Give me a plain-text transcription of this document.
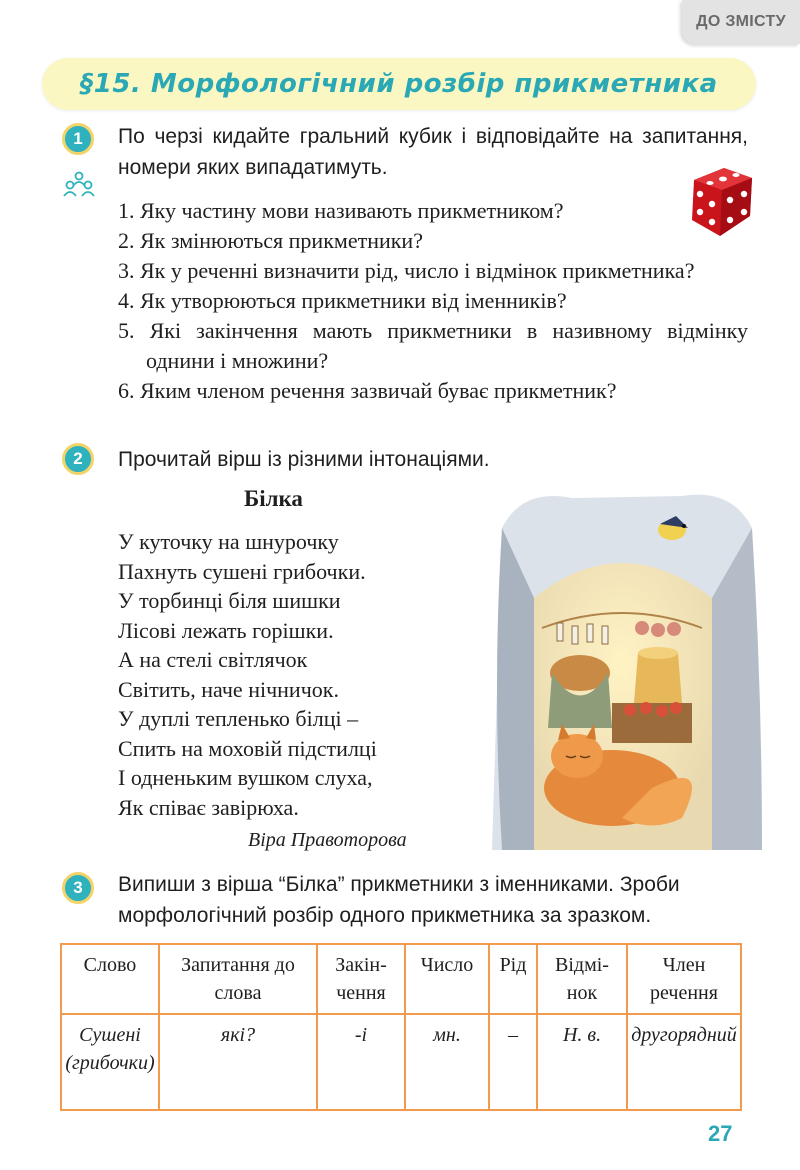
ДО ЗМІСТУ
§15. Морфологічний розбір прикметника
1	По черзі кидайте гральний кубик і відповідайте на запитання, номери яких випадатимуть.
1. Яку частину мови називають прикметником?
2. Як змінюються прикметники?
3. Як у реченні визначити рід, число і відмінок прикметника?
4. Як утворюються прикметники від іменників?
5. Які закінчення мають прикметники в називному відмінку однини і множини?
6. Яким членом речення зазвичай буває прикметник?
2	Прочитай вірш із різними інтонаціями.
Білка
У куточку на шнурочку
Пахнуть сушені грибочки.
У торбинці біля шишки
Лісові лежать горішки.
А на стелі світлячок
Світить, наче нічничок.
У дуплі тепленько білці –
Спить на моховій підстилці
І одненьким вушком слуха,
Як співає завірюха.
Віра Правоторова
3	Випиши з вірша “Білка” прикметники з іменниками. Зроби морфологічний розбір одного прикметника за зразком.
Слово	Запитання до слова	Закін-чення	Число	Рід	Відмі-нок	Член речення
Сушені (грибочки)	які?	-і	мн.	–	Н. в.	другорядний
27
